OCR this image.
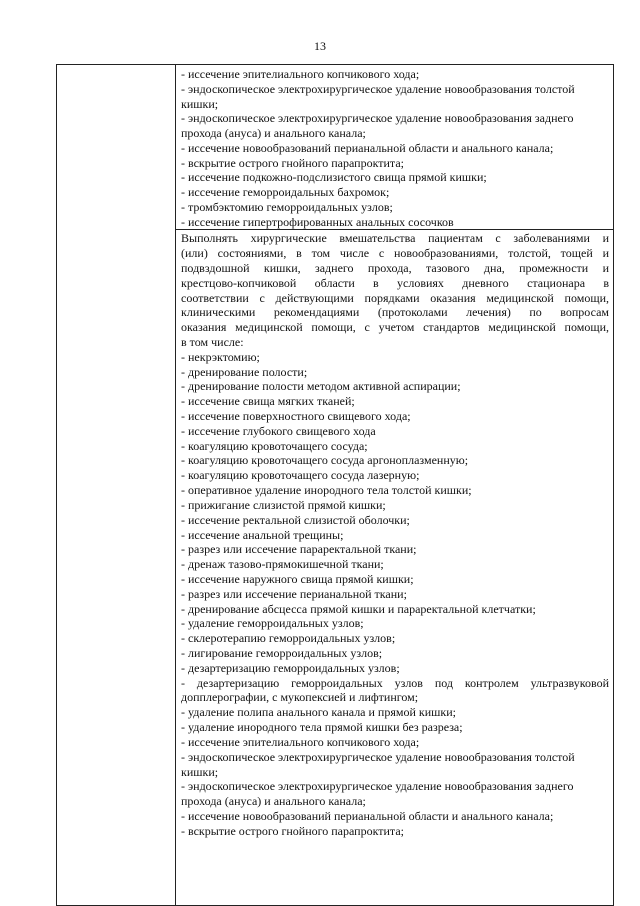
13

- иссечение эпителиального копчикового хода;
- эндоскопическое электрохирургическое удаление новообразования толстой
кишки;
- эндоскопическое электрохирургическое удаление новообразования заднего
прохода (ануса) и анального канала;
- иссечение новообразований перианальной области и анального канала;
- вскрытие острого гнойного парапроктита;
- иссечение подкожно-подслизистого свища прямой кишки;
- иссечение геморроидальных бахромок;
- тромбэктомию геморроидальных узлов;
- иссечение гипертрофированных анальных сосочков

Выполнять хирургические вмешательства пациентам с заболеваниями и
(или) состояниями, в том числе с новообразованиями, толстой, тощей и
подвздошной кишки, заднего прохода, тазового дна, промежности и
крестцово-копчиковой области в условиях дневного стационара в
соответствии с действующими порядками оказания медицинской помощи,
клиническими рекомендациями (протоколами лечения) по вопросам
оказания медицинской помощи, с учетом стандартов медицинской помощи,
в том числе:
- некрэктомию;
- дренирование полости;
- дренирование полости методом активной аспирации;
- иссечение свища мягких тканей;
- иссечение поверхностного свищевого хода;
- иссечение глубокого свищевого хода
- коагуляцию кровоточащего сосуда;
- коагуляцию кровоточащего сосуда аргоноплазменную;
- коагуляцию кровоточащего сосуда лазерную;
- оперативное удаление инородного тела толстой кишки;
- прижигание слизистой прямой кишки;
- иссечение ректальной слизистой оболочки;
- иссечение анальной трещины;
- разрез или иссечение параректальной ткани;
- дренаж тазово-прямокишечной ткани;
- иссечение наружного свища прямой кишки;
- разрез или иссечение перианальной ткани;
- дренирование абсцесса прямой кишки и параректальной клетчатки;
- удаление геморроидальных узлов;
- склеротерапию геморроидальных узлов;
- лигирование геморроидальных узлов;
- дезартеризацию геморроидальных узлов;
- дезартеризацию геморроидальных узлов под контролем ультразвуковой
допплерографии, с мукопексией и лифтингом;
- удаление полипа анального канала и прямой кишки;
- удаление инородного тела прямой кишки без разреза;
- иссечение эпителиального копчикового хода;
- эндоскопическое электрохирургическое удаление новообразования толстой
кишки;
- эндоскопическое электрохирургическое удаление новообразования заднего
прохода (ануса) и анального канала;
- иссечение новообразований перианальной области и анального канала;
- вскрытие острого гнойного парапроктита;
